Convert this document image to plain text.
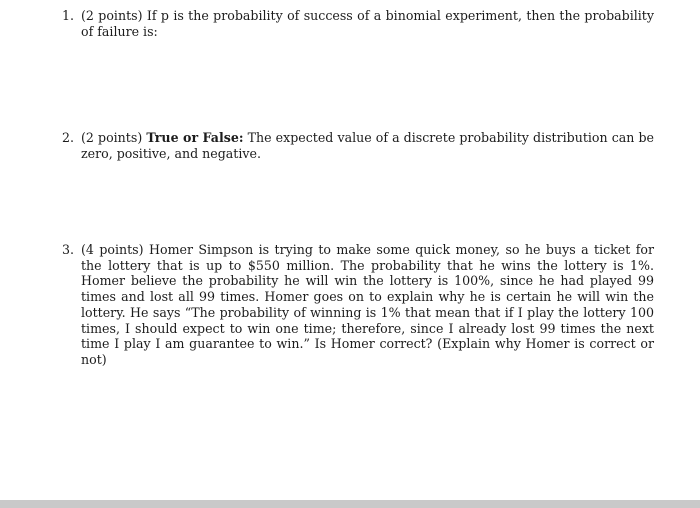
1. (2 points) If p is the probability of success of a binomial experiment, then the probability of failure is:
2. (2 points) True or False: The expected value of a discrete probability distribution can be zero, positive, and negative.
3. (4 points) Homer Simpson is trying to make some quick money, so he buys a ticket for the lottery that is up to $550 million. The probability that he wins the lottery is 1%. Homer believe the probability he will win the lottery is 100%, since he had played 99 times and lost all 99 times. Homer goes on to explain why he is certain he will win the lottery. He says “The probability of winning is 1% that mean that if I play the lottery 100 times, I should expect to win one time; therefore, since I already lost 99 times the next time I play I am guarantee to win.” Is Homer correct? (Explain why Homer is correct or not)
